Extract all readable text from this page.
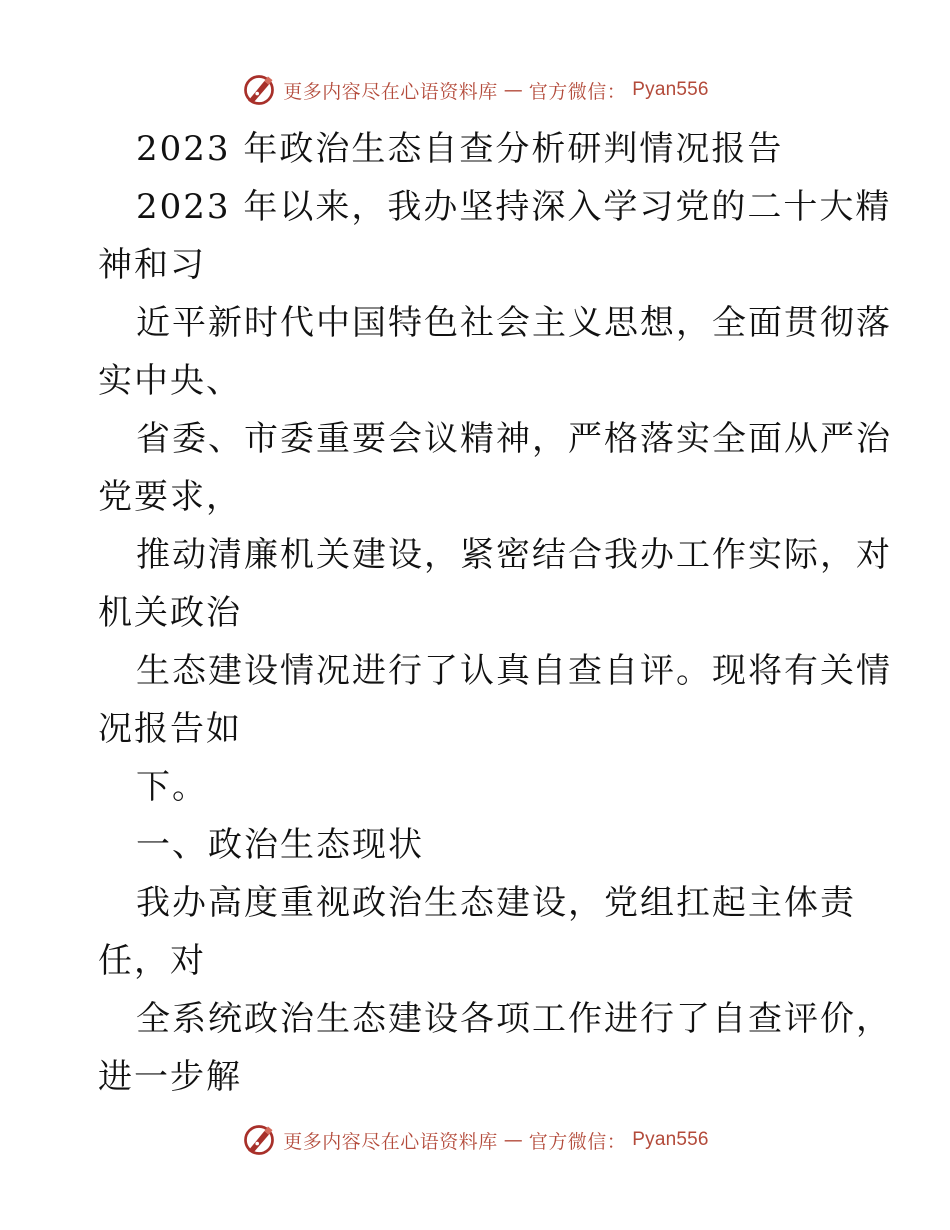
更多内容尽在心语资料库 — 官方微信： Pyan556
2023 年政治生态自查分析研判情况报告
2023 年以来，我办坚持深入学习党的二十大精
神和习
近平新时代中国特色社会主义思想，全面贯彻落
实中央、
省委、市委重要会议精神，严格落实全面从严治
党要求，
推动清廉机关建设，紧密结合我办工作实际，对
机关政治
生态建设情况进行了认真自查自评。现将有关情
况报告如
下。
一、政治生态现状
我办高度重视政治生态建设，党组扛起主体责
任，对
全系统政治生态建设各项工作进行了自查评价，
进一步解
更多内容尽在心语资料库 — 官方微信： Pyan556
